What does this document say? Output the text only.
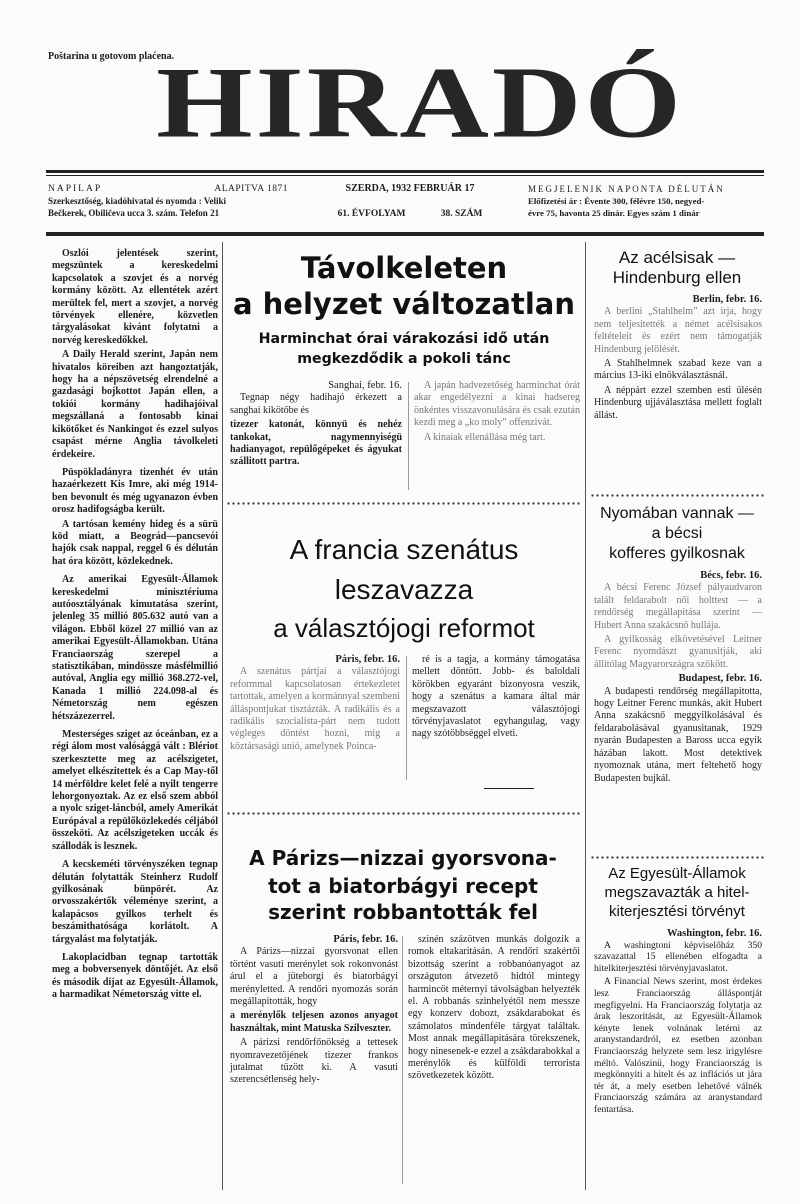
Poštarina u gotovom plaćena.
HIRADÓ
NAPILAP	ALAPITVA 1871
Szerkesztőség, kiadóhivatal és nyomda : Veliki
Bečkerek, Obiličeva ucca 3. szám. Telefon 21
SZERDA, 1932 FEBRUÁR 17
61. ÉVFOLYAM	38. SZÁM
MEGJELENIK NAPONTA DÉLUTÁN
Előfizetési ár : Évente 300, félévre 150, negyed-
évre 75, havonta 25 dinár. Egyes szám 1 dinár

Oszlói jelentések szerint, megszüntek a kereskedelmi kapcsolatok a szovjet és a norvég kormány között. Az ellentétek azért merültek fel, mert a szovjet, a norvég törvények ellenére, közvetlen tárgyalásokat kivánt folytatni a norvég kereskedőkkel.

A Daily Herald szerint, Japán nem hivatalos köreiben azt hangoztatják, hogy ha a népszövetség elrendelné a gazdasági bojkottot Japán ellen, a tokiói kormány hadihajóival megszállaná a fontosabb kinai kikötőket és Nankingot és ezzel sulyos csapást mérne Anglia távolkeleti érdekeire.

Püspökladányra tizenhét év után hazaérkezett Kis Imre, aki még 1914-ben bevonult és még ugyanazon évben orosz hadifogságba került.

A tartósan kemény hideg és a sürü köd miatt, a Beográd—pancsevói hajók csak nappal, reggel 6 és délután hat óra között, közlekednek.

Az amerikai Egyesült-Államok kereskedelmi minisztériuma autóosztályának kimutatása szerint, jelenleg 35 millió 805.632 autó van a világon. Ebből közel 27 millió van az amerikai Egyesült-Államokban. Utána Franciaország szerepel a statisztikában, mindössze másfélmillió autóval, Anglia egy millió 368.272-vel, Kanada 1 millió 224.098-al és Németország nem egészen hétszázezerrel.

Mesterséges sziget az óceánban, ez a régi álom most valósággá vált : Blériot szerkesztette meg az acélszigetet, amelyet elkészitettek és a Cap May-től 14 mérföldre kelet felé a nyilt tengerre lehorgonyoztak. Az ez első szem abból a nyolc sziget-láncból, amely Amerikát Európával a repülőközlekedés céljából összeköti. Az acélszigeteken uccák és szállodák is lesznek.

A kecskeméti törvényszéken tegnap délután folytatták Steinherz Rudolf gyilkosának bünpörét. Az orvosszakértők véleménye szerint, a kalapácsos gyilkos terhelt és beszámithatósága korlátolt. A tárgyalást ma folytatják.

Lakoplacidban tegnap tartották meg a bobversenyek döntőjét. Az első és második dijat az Egyesült-Államok, a harmadikat Németország vitte el.

Távolkeleten
a helyzet változatlan
Harminchat órai várakozási idő után
megkezdődik a pokoli tánc
Sanghai, febr. 16.

Tegnap négy hadihajó érkezett a sanghai kikötőbe és

tizezer katonát, könnyü és nehéz tankokat, nagymennyiségü hadianyagot, repülőgépeket és ágyukat szállitott partra.

A japán hadvezetőség harminchat órát akar engedélyezni a kinai hadsereg önkéntes visszavonulására és csak ezután kezdi meg a „ko moly” offenzivát.

A kinaiak ellenállása még tart.

A francia szenátus
leszavazza
a választójogi reformot
Páris, febr. 16.

A szenátus pártjai a választójogi reformmal kapcsolatosan értekezletet tartottak, amelyen a kormánnyal szembeni álláspontjukat tisztázták. A radikális és a radikális szocialista-párt nem tudott végleges döntést hozni, mig a köztársasági unió, amelynek Poinca-

ré is a tagja, a kormány támogatása mellett döntött. Jobb- és baloldali körökben egyaránt bizonyosra veszik, hogy a szenátus a kamara által már megszavazott választójogi törvényjavaslatot egyhangulag, vagy nagy szótöbbséggel elveti.

A Párizs—nizzai gyorsvona-
tot a biatorbágyi recept
szerint robbantották fel
Páris, febr. 16.

A Párizs—nizzai gyorsvonat ellen történt vasuti merénylet sok rokonvonást árul el a jüteborgi és biatorbágyi merényletted. A rendőri nyomozás során megállapitották, hogy

a merénylők teljesen azonos anyagot használtak, mint Matuska Szilveszter.

A párizsi rendőrfőnökség a tettesek nyomravezetőjének tizezer frankos jutalmat tüzött ki. A vasuti szerencsétlenség hely-

szinén százötven munkás dolgozik a romok eltakaritásán. A rendőri szakértői bizottság szerint a robbanóanyagot az országuton átvezető hidtól mintegy harmincöt méternyi távolságban helyezték el. A robbanás szinhelyétől nem messze egy konzerv dobozt, zsákdarabokat és számolatos mindenféle tárgyat találtak. Most annak megállapitására törekszenek, hogy ninesenek-e ezzel a zsákdarabokkal a merénylők és külföldi terrorista szövetkezetek között.

Az acélsisak —
Hindenburg ellen
Berlin, febr. 16.

A berlini „Stahlhelm” azt irja, hogy nem teljesitették a német acélsisakos feltételeit és ezért nem támogatják Hindenburg jelölését.

A Stahlhelmnek szabad keze van a március 13-iki elnökválasztásnál.

A néppárt ezzel szemben esti ülésén Hindenburg ujjáválasztása mellett foglalt állást.

Nyomában vannak —
a bécsi
kofferes gyilkosnak
Bécs, febr. 16.

A bécsi Ferenc József pályaudvaron talált feldarabolt női holttest — a rendőrség megállapitása szerint — Hubert Anna szakácsnő hullája.

A gyilkosság elkövetésével Leitner Ferenc nyomdászt gyanusitják, aki állitólag Magyarországra szökött.

Budapest, febr. 16.

A budapesti rendőrség megállapitotta, hogy Leitner Ferenc munkás, akit Hubert Anna szakácsnő meggyilkolásával és feldarabolásával gyanusitanak, 1929 nyarán Budapesten a Baross ucca egyik házában lakott. Most detektivek nyomoznak utána, mert feltehető hogy Budapesten bujkál.

Az Egyesült-Államok
megszavazták a hitel-
kiterjesztési törvényt
Washington, febr. 16.

A washingtoni képviselőház 350 szavazattal 15 ellenében elfogadta a hitelkiterjesztési törvényjavaslatot.

A Financial News szerint, most érdekes lesz Franciaország álláspontját megfigyelni. Ha Franciaország folytatja az árak leszorítását, az Egyesült-Államok kényte lenek volnának letérni az aranystandardról, ez esetben azonban Franciaország helyzete sem lesz irigylésre méltó. Valószinü, hogy Franciaország is megkönnyiti a hitelt és az inflációs ut jára tér át, a mely esetben lehetővé válnék Franciaország számára az aranystandard fentartása.
